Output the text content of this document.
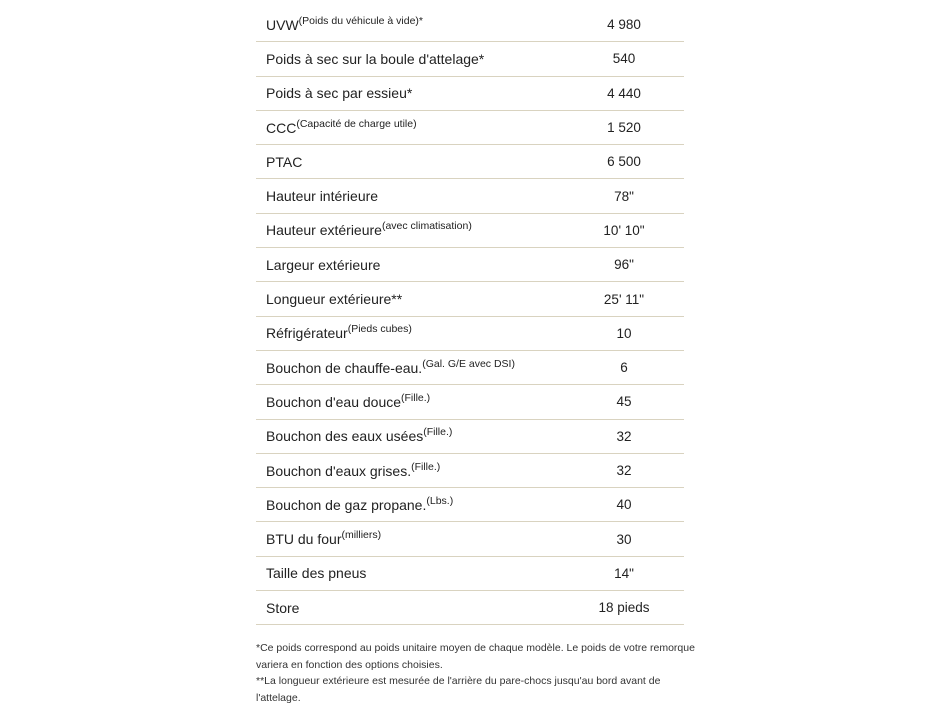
$UVW^{(Poids du véhicule à vide)*}$	4 980
Poids à sec sur la boule d'attelage*	540
Poids à sec par essieu*	4 440
$CCC^{(Capacité de charge utile)}$	1 520
PTAC	6 500
Hauteur intérieure	78"
Hauteur extérieure$^{(avec climatisation)}$	10' 10"
Largeur extérieure	96"
Longueur extérieure**	25' 11"
Réfrigérateur$^{(Pieds cubes)}$	10
Bouchon de chauffe-eau.$^{(Gal. G/E avec DSI)}$	6
Bouchon d'eau douce$^{(Fille.)}$	45
Bouchon des eaux usées$^{(Fille.)}$	32
Bouchon d'eaux grises.$^{(Fille.)}$	32
Bouchon de gaz propane.$^{(Lbs.)}$	40
BTU du four$^{(milliers)}$	30
Taille des pneus	14"
Store	18 pieds

*Ce poids correspond au poids unitaire moyen de chaque modèle. Le poids de votre remorque variera en fonction des options choisies.

**La longueur extérieure est mesurée de l'arrière du pare-chocs jusqu'au bord avant de l'attelage.
